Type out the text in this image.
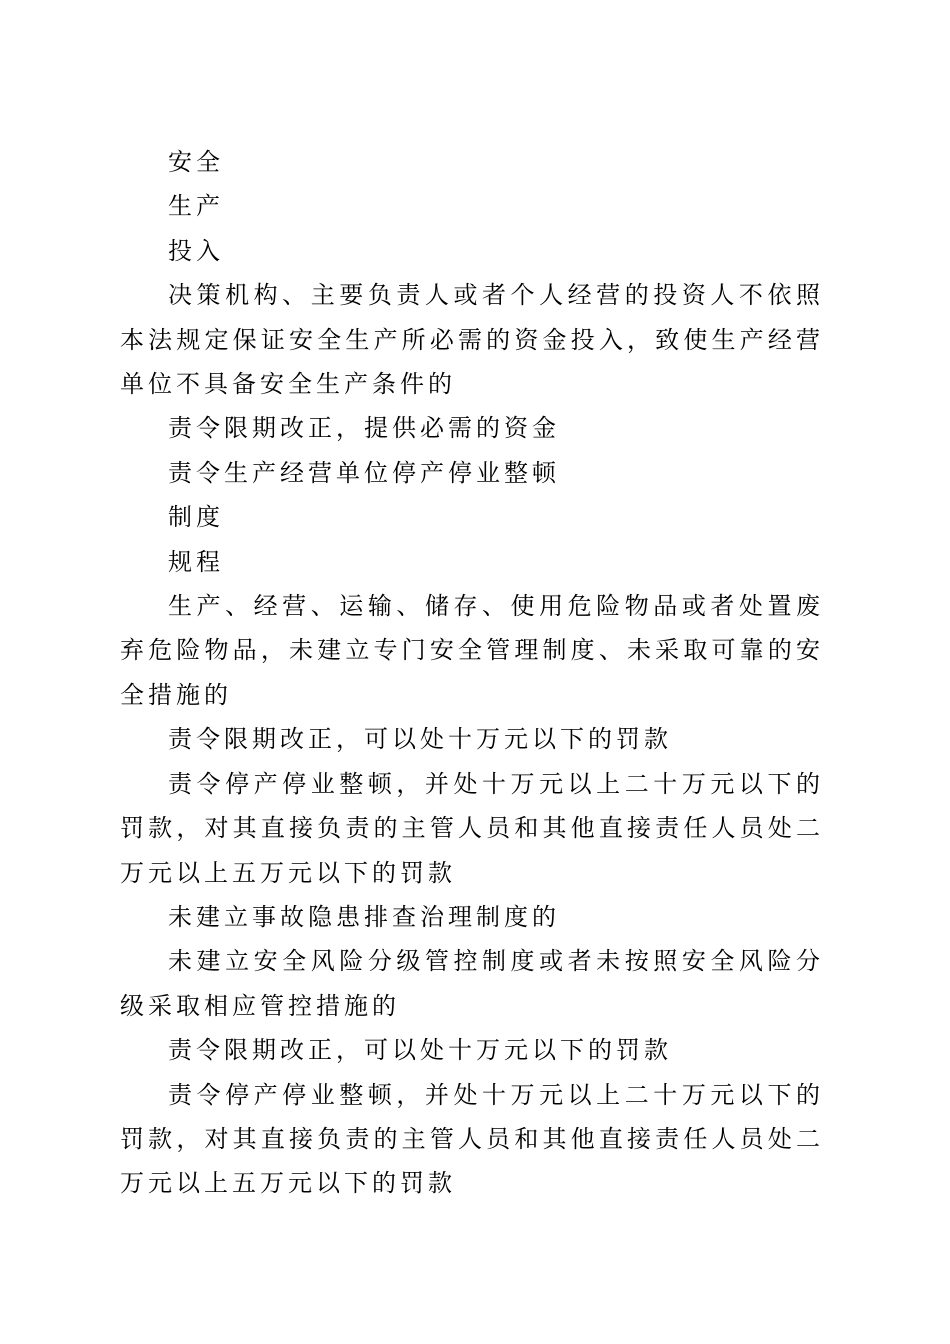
安全

生产

投入

决策机构、主要负责人或者个人经营的投资人不依照本法规定保证安全生产所必需的资金投入，致使生产经营单位不具备安全生产条件的

责令限期改正，提供必需的资金

责令生产经营单位停产停业整顿

制度

规程

生产、经营、运输、储存、使用危险物品或者处置废弃危险物品，未建立专门安全管理制度、未采取可靠的安全措施的

责令限期改正，可以处十万元以下的罚款

责令停产停业整顿，并处十万元以上二十万元以下的罚款，对其直接负责的主管人员和其他直接责任人员处二万元以上五万元以下的罚款

未建立事故隐患排查治理制度的

未建立安全风险分级管控制度或者未按照安全风险分级采取相应管控措施的

责令限期改正，可以处十万元以下的罚款

责令停产停业整顿，并处十万元以上二十万元以下的罚款，对其直接负责的主管人员和其他直接责任人员处二万元以上五万元以下的罚款
